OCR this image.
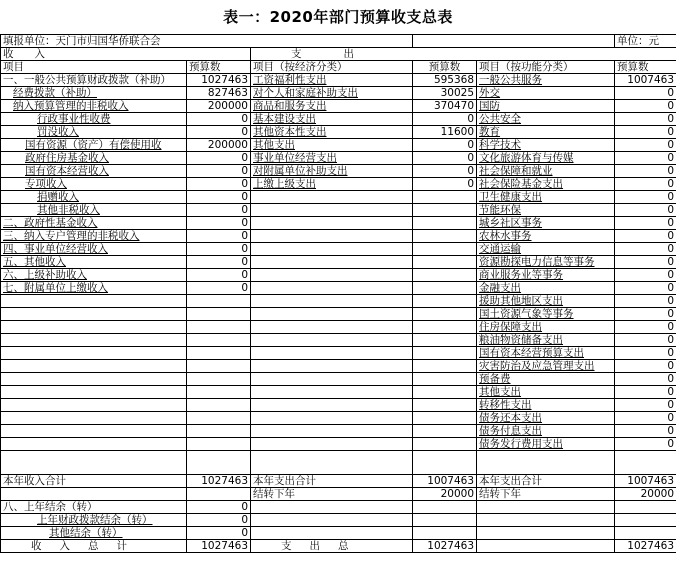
表一：2020年部门预算收支总表
填报单位：天门市归国华侨联合会					单位：元
收　　入		支　　　　出			
项目	预算数	项目（按经济分类）	预算数	项目（按功能分类）	预算数
一、一般公共预算财政拨款（补助）	1027463	工资福利性支出	595368	一般公共服务	1007463
经费拨款（补助）	827463	对个人和家庭补助支出	30025	外交	0
纳入预算管理的非税收入	200000	商品和服务支出	370470	国防	0
行政事业性收费	0	基本建设支出	0	公共安全	0
罚没收入	0	其他资本性支出	11600	教育	0
国有资源（资产）有偿使用收	200000	其他支出	0	科学技术	0
政府住房基金收入	0	事业单位经营支出	0	文化旅游体育与传媒	0
国有资本经营收入	0	对附属单位补助支出	0	社会保障和就业	0
专项收入	0	上缴上级支出	0	社会保险基金支出	0
捐赠收入	0			卫生健康支出	0
其他非税收入	0			节能环保	0
二、政府性基金收入	0			城乡社区事务	0
三、纳入专户管理的非税收入	0			农林水事务	0
四、事业单位经营收入	0			交通运输	0
五、其他收入	0			资源勘探电力信息等事务	0
六、上级补助收入	0			商业服务业等事务	0
七、附属单位上缴收入	0			金融支出	0
				援助其他地区支出	0
				国土资源气象等事务	0
				住房保障支出	0
				粮油物资储备支出	0
				国有资本经营预算支出	0
				灾害防治及应急管理支出	0
				预备费	0
				其他支出	0
				转移性支出	0
				债务还本支出	0
				债务付息支出	0
				债务发行费用支出	0

本年收入合计	1027463	本年支出合计	1007463	本年支出合计	1007463
		结转下年	20000	结转下年	20000
八、上年结余（转）	0				
上年财政拨款结余（转）	0				
其他结余（转）	0				
收入总计	1027463	支出总	1027463		1027463
